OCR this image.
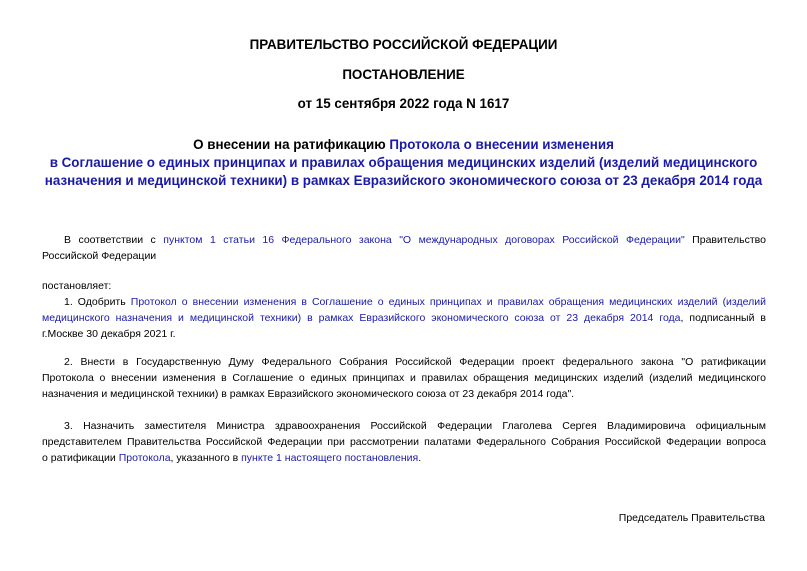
ПРАВИТЕЛЬСТВО РОССИЙСКОЙ ФЕДЕРАЦИИ
ПОСТАНОВЛЕНИЕ
от 15 сентября 2022 года N 1617
О внесении на ратификацию Протокола о внесении изменения
в Соглашение о единых принципах и правилах обращения медицинских изделий (изделий медицинского
назначения и медицинской техники) в рамках Евразийского экономического союза от 23 декабря 2014 года
В соответствии с пунктом 1 статьи 16 Федерального закона "О международных договорах Российской Федерации" Правительство
Российской Федерации
постановляет:
1. Одобрить Протокол о внесении изменения в Соглашение о единых принципах и правилах обращения медицинских изделий (изделий
медицинского назначения и медицинской техники) в рамках Евразийского экономического союза от 23 декабря 2014 года, подписанный в
г.Москве 30 декабря 2021 г.
2. Внести в Государственную Думу Федерального Собрания Российской Федерации проект федерального закона "О ратификации
Протокола о внесении изменения в Соглашение о единых принципах и правилах обращения медицинских изделий (изделий медицинского
назначения и медицинской техники) в рамках Евразийского экономического союза от 23 декабря 2014 года".
3. Назначить заместителя Министра здравоохранения Российской Федерации Глаголева Сергея Владимировича официальным
представителем Правительства Российской Федерации при рассмотрении палатами Федерального Собрания Российской Федерации вопроса
о ратификации Протокола, указанного в пункте 1 настоящего постановления.
Председатель Правительства
